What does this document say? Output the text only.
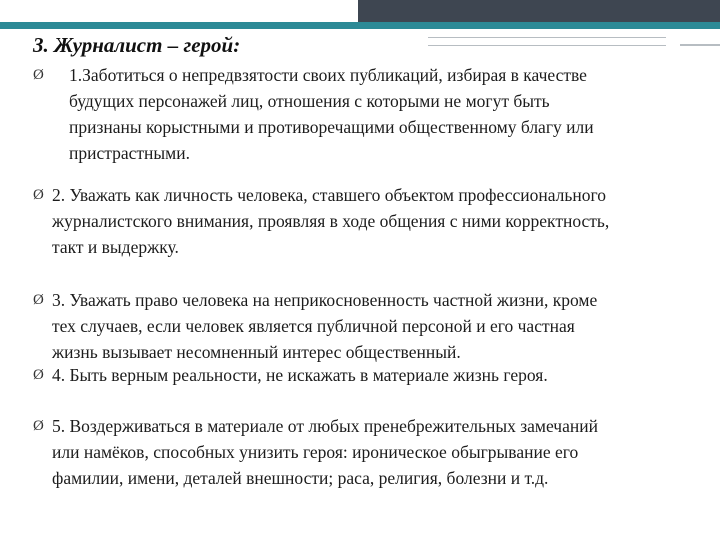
3. Журналист – герой:
Ø 1.Заботиться о непредвзятости своих публикаций, избирая в качестве
будущих персонажей лиц, отношения с которыми не могут быть
признаны корыстными и противоречащими общественному благу или
пристрастными.
Ø 2. Уважать как личность человека, ставшего объектом профессионального
журналистского внимания, проявляя в ходе общения с ними корректность,
такт и выдержку.
Ø 3. Уважать право человека на неприкосновенность частной жизни, кроме
тех случаев, если человек является публичной персоной и его частная
жизнь вызывает несомненный интерес общественный.
Ø 4. Быть верным реальности, не искажать в материале жизнь героя.
Ø 5. Воздерживаться в материале от любых пренебрежительных замечаний
или намёков, способных унизить героя: ироническое обыгрывание его
фамилии, имени, деталей внешности; раса, религия, болезни и т.д.
